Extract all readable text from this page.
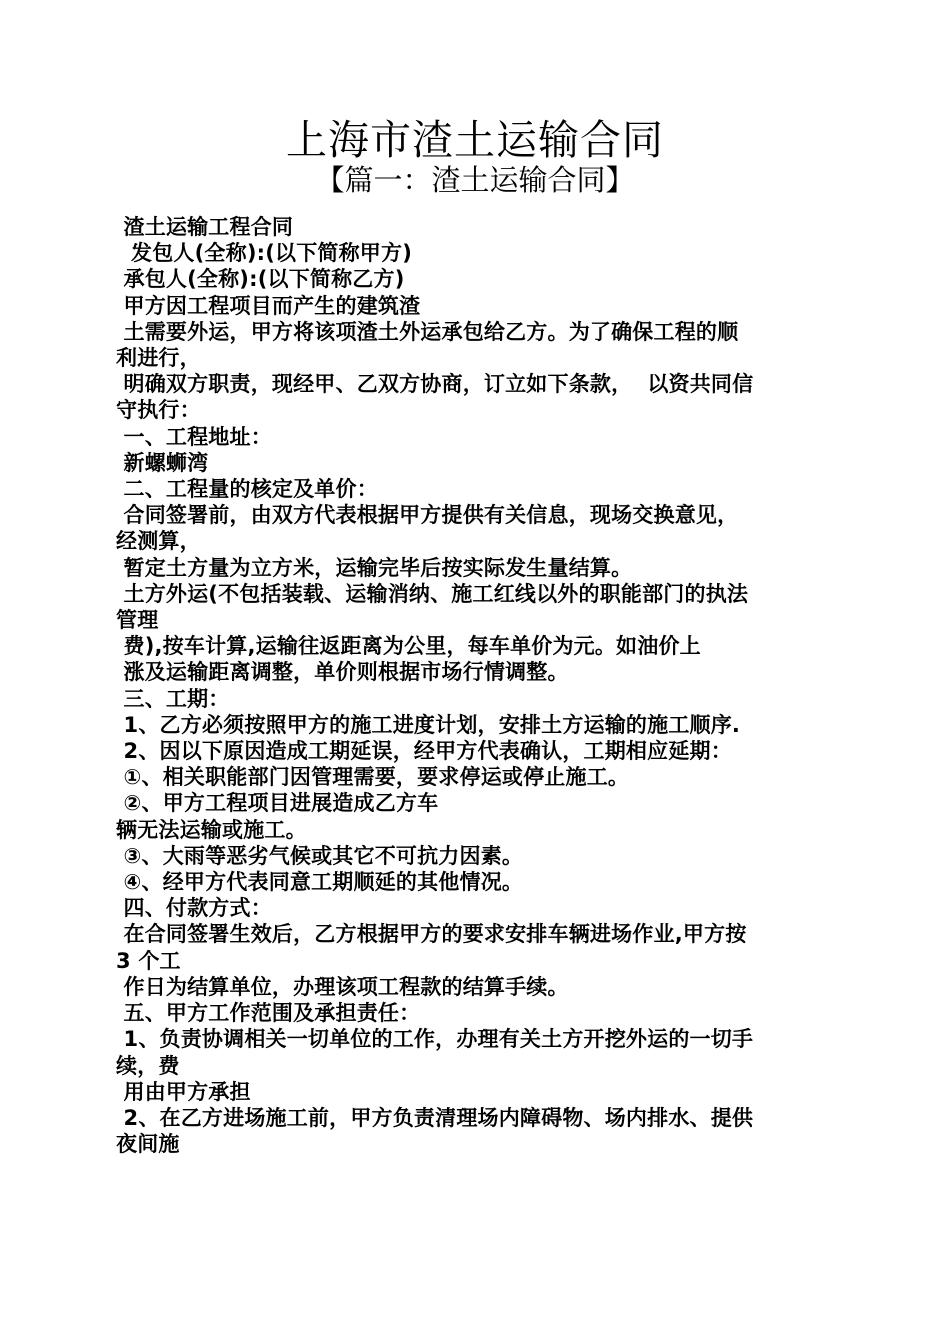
上海市渣土运输合同
【篇一：渣土运输合同】
渣土运输工程合同
发包人(全称):(以下简称甲方)
承包人(全称):(以下简称乙方)
甲方因工程项目而产生的建筑渣
土需要外运，甲方将该项渣土外运承包给乙方。为了确保工程的顺
利进行，
明确双方职责，现经甲、乙双方协商，订立如下条款，  以资共同信
守执行：
一、工程地址：
新螺蛳湾
二、工程量的核定及单价：
合同签署前，由双方代表根据甲方提供有关信息，现场交换意见，
经测算，
暂定土方量为立方米，运输完毕后按实际发生量结算。
土方外运(不包括装载、运输消纳、施工红线以外的职能部门的执法
管理
费),按车计算,运输往返距离为公里，每车单价为元。如油价上
涨及运输距离调整，单价则根据市场行情调整。
三、工期：
1、乙方必须按照甲方的施工进度计划，安排土方运输的施工顺序.
2、因以下原因造成工期延误，经甲方代表确认，工期相应延期：
①、相关职能部门因管理需要，要求停运或停止施工。
②、甲方工程项目进展造成乙方车
辆无法运输或施工。
③、大雨等恶劣气候或其它不可抗力因素。
④、经甲方代表同意工期顺延的其他情况。
四、付款方式：
在合同签署生效后，乙方根据甲方的要求安排车辆进场作业,甲方按
3 个工
作日为结算单位，办理该项工程款的结算手续。
五、甲方工作范围及承担责任：
1、负责协调相关一切单位的工作，办理有关土方开挖外运的一切手
续，费
用由甲方承担
2、在乙方进场施工前，甲方负责清理场内障碍物、场内排水、提供
夜间施
